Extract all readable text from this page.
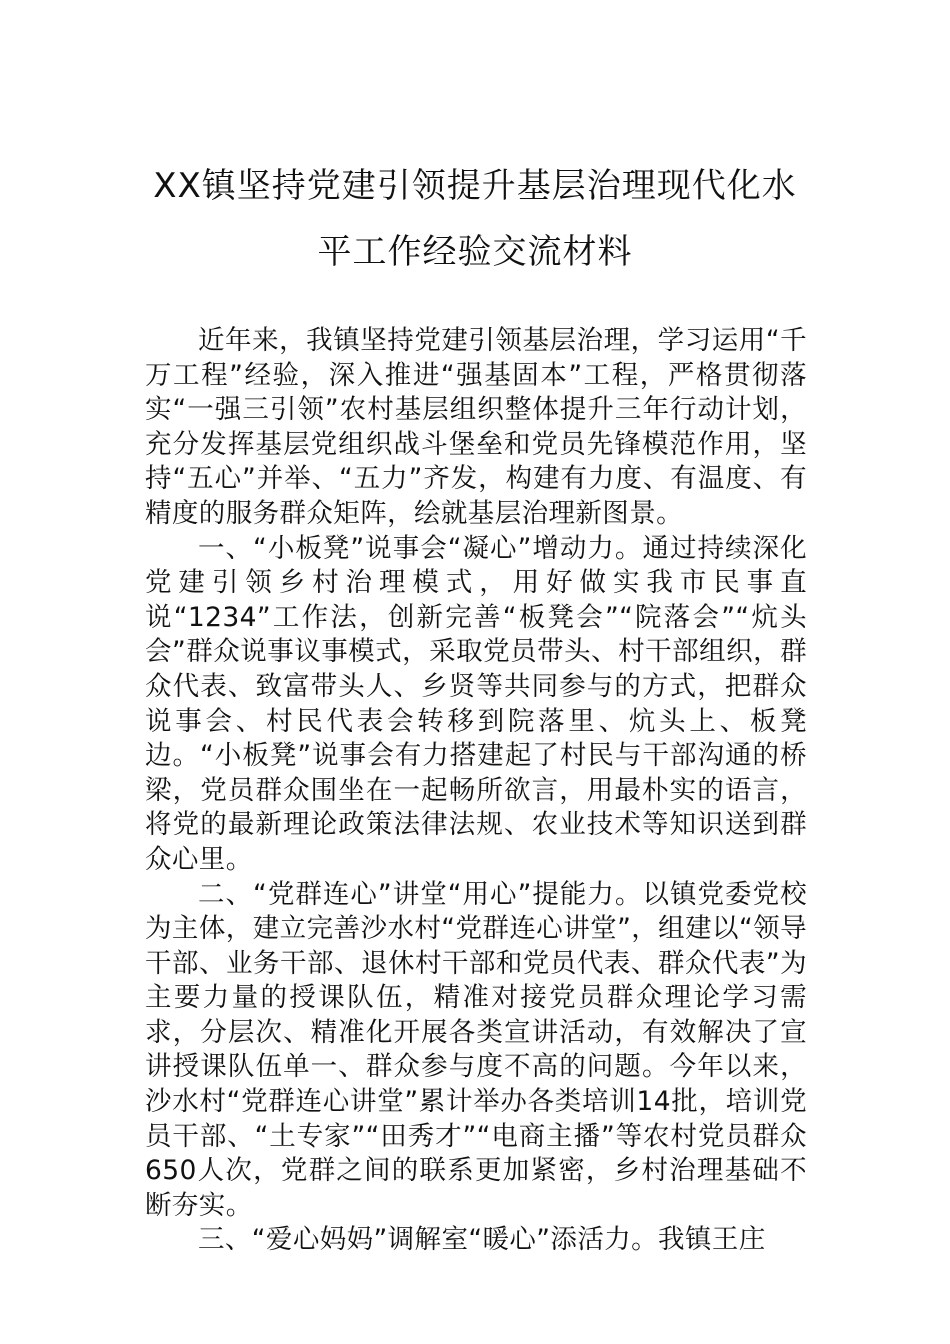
XX镇坚持党建引领提升基层治理现代化水
平工作经验交流材料

近年来，我镇坚持党建引领基层治理，学习运用“千万工程”经验，深入推进“强基固本”工程，严格贯彻落实“一强三引领”农村基层组织整体提升三年行动计划，充分发挥基层党组织战斗堡垒和党员先锋模范作用，坚持“五心”并举、“五力”齐发，构建有力度、有温度、有精度的服务群众矩阵，绘就基层治理新图景。

一、“小板凳”说事会“凝心”增动力。通过持续深化党建引领乡村治理模式，用好做实我市民事直说“1234”工作法，创新完善“板凳会”“院落会”“炕头会”群众说事议事模式，采取党员带头、村干部组织，群众代表、致富带头人、乡贤等共同参与的方式，把群众说事会、村民代表会转移到院落里、炕头上、板凳边。“小板凳”说事会有力搭建起了村民与干部沟通的桥梁，党员群众围坐在一起畅所欲言，用最朴实的语言，将党的最新理论政策法律法规、农业技术等知识送到群众心里。

二、“党群连心”讲堂“用心”提能力。以镇党委党校为主体，建立完善沙水村“党群连心讲堂”，组建以“领导干部、业务干部、退休村干部和党员代表、群众代表”为主要力量的授课队伍，精准对接党员群众理论学习需求，分层次、精准化开展各类宣讲活动，有效解决了宣讲授课队伍单一、群众参与度不高的问题。今年以来，沙水村“党群连心讲堂”累计举办各类培训14批，培训党员干部、“土专家”“田秀才”“电商主播”等农村党员群众650人次，党群之间的联系更加紧密，乡村治理基础不断夯实。

三、“爱心妈妈”调解室“暖心”添活力。我镇王庄
